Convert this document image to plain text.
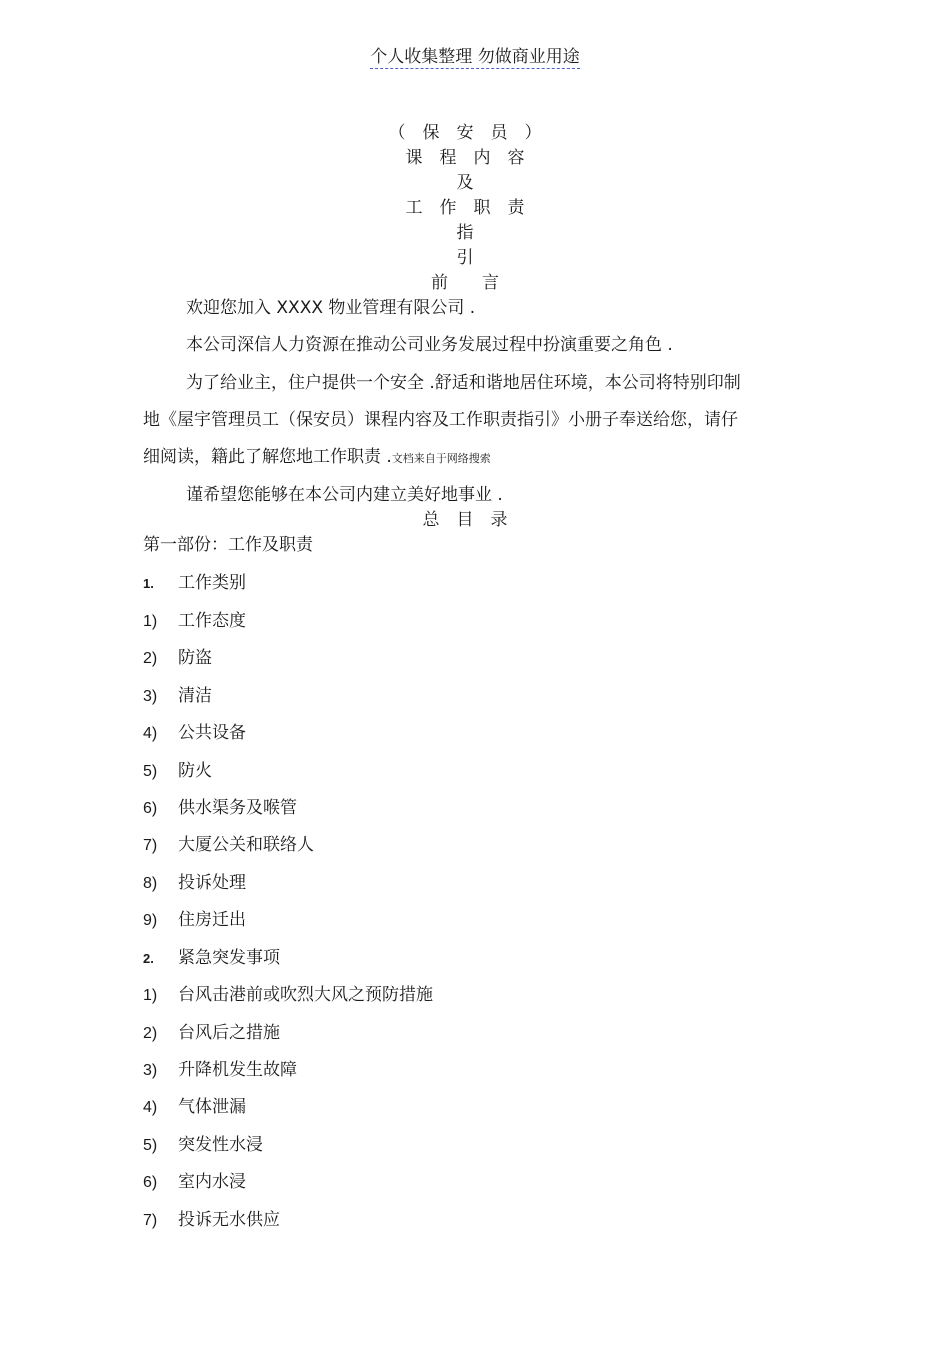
个人收集整理 勿做商业用途
（　保　安　员　）
课　程　内　容
及
工　作　职　责
指
引
前　　言
欢迎您加入 XXXX 物业管理有限公司 .
本公司深信人力资源在推动公司业务发展过程中扮演重要之角色 .
为了给业主，住户提供一个安全 .舒适和谐地居住环境，本公司将特别印制
地《屋宇管理员工（保安员）课程内容及工作职责指引》小册子奉送给您，请仔
细阅读，籍此了解您地工作职责 .文档来自于网络搜索
谨希望您能够在本公司内建立美好地事业 .
总　目　录
第一部份：工作及职责
1. 工作类别
1) 工作态度
2) 防盗
3) 清洁
4) 公共设备
5) 防火
6) 供水渠务及喉管
7) 大厦公关和联络人
8) 投诉处理
9) 住房迁出
2. 紧急突发事项
1) 台风击港前或吹烈大风之预防措施
2) 台风后之措施
3) 升降机发生故障
4) 气体泄漏
5) 突发性水浸
6) 室内水浸
7) 投诉无水供应
